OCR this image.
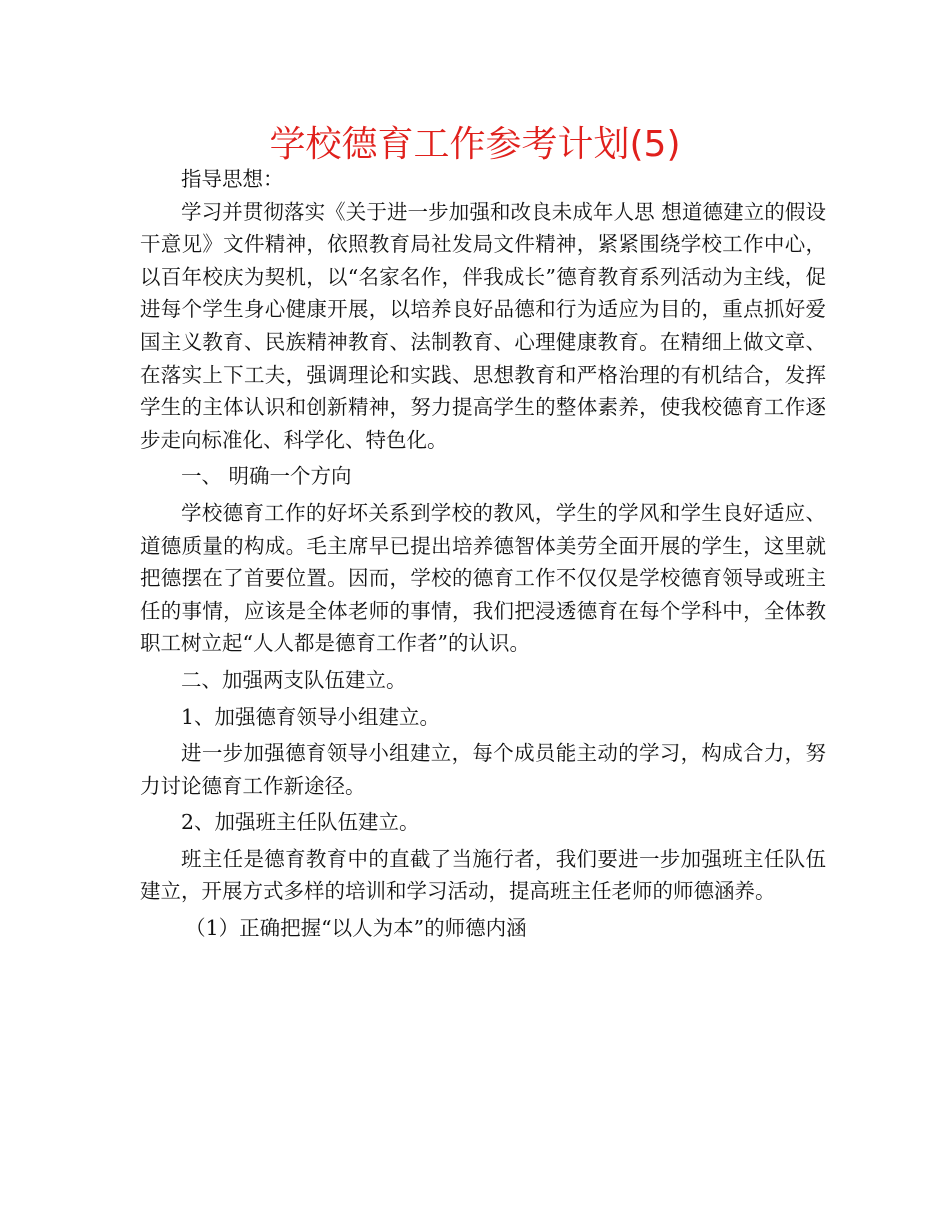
学校德育工作参考计划(5)

指导思想：

学习并贯彻落实《关于进一步加强和改良未成年人思 想道德建立的假设干意见》文件精神，依照教育局社发局文件精神，紧紧围绕学校工作中心，以百年校庆为契机，以“名家名作，伴我成长”德育教育系列活动为主线，促进每个学生身心健康开展，以培养良好品德和行为适应为目的，重点抓好爱国主义教育、民族精神教育、法制教育、心理健康教育。在精细上做文章、在落实上下工夫，强调理论和实践、思想教育和严格治理的有机结合，发挥学生的主体认识和创新精神，努力提高学生的整体素养，使我校德育工作逐步走向标准化、科学化、特色化。

一、 明确一个方向

学校德育工作的好坏关系到学校的教风，学生的学风和学生良好适应、道德质量的构成。毛主席早已提出培养德智体美劳全面开展的学生，这里就把德摆在了首要位置。因而，学校的德育工作不仅仅是学校德育领导或班主任的事情，应该是全体老师的事情，我们把浸透德育在每个学科中，全体教职工树立起“人人都是德育工作者”的认识。

二、加强两支队伍建立。

1、加强德育领导小组建立。

进一步加强德育领导小组建立，每个成员能主动的学习，构成合力，努力讨论德育工作新途径。

2、加强班主任队伍建立。

班主任是德育教育中的直截了当施行者，我们要进一步加强班主任队伍建立，开展方式多样的培训和学习活动，提高班主任老师的师德涵养。

（1）正确把握“以人为本”的师德内涵
